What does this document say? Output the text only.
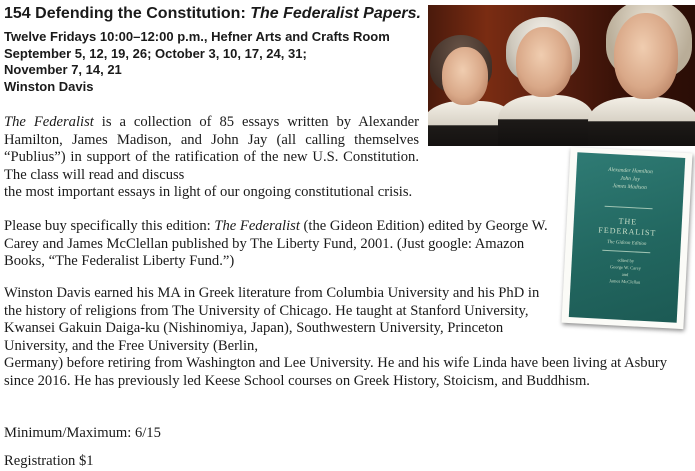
154 Defending the Constitution: The Federalist Papers.
Twelve Fridays 10:00–12:00 p.m., Hefner Arts and Crafts Room
September 5, 12, 19, 26; October 3, 10, 17, 24, 31;
November 7, 14, 21
Winston Davis

The Federalist is a collection of 85 essays written by Alexander Hamilton, James Madison, and John Jay (all calling themselves “Publius”) in support of the ratification of the new U.S. Constitution. The class will read and discuss
the most important essays in light of our ongoing constitutional crisis.

Please buy specifically this edition: The Federalist (the Gideon Edition) edited by George W. Carey and James McClellan published by The Liberty Fund, 2001. (Just google: Amazon Books, “The Federalist Liberty Fund.”)

Winston Davis earned his MA in Greek literature from Columbia University and his PhD in the history of religions from The University of Chicago. He taught at Stanford University, Kwansei Gakuin Daiga-ku (Nishinomiya, Japan), Southwestern University, Princeton University, and the Free University (Berlin,
Germany) before retiring from Washington and Lee University. He and his wife Linda have been living at Asbury since 2016. He has previously led Keese School courses on Greek History, Stoicism, and Buddhism.

Alexander Hamilton
John Jay
James Madison
THE
FEDERALIST
The Gideon Edition
edited by
George W. Carey
and
James McClellan
Minimum/Maximum: 6/15
Registration $1
